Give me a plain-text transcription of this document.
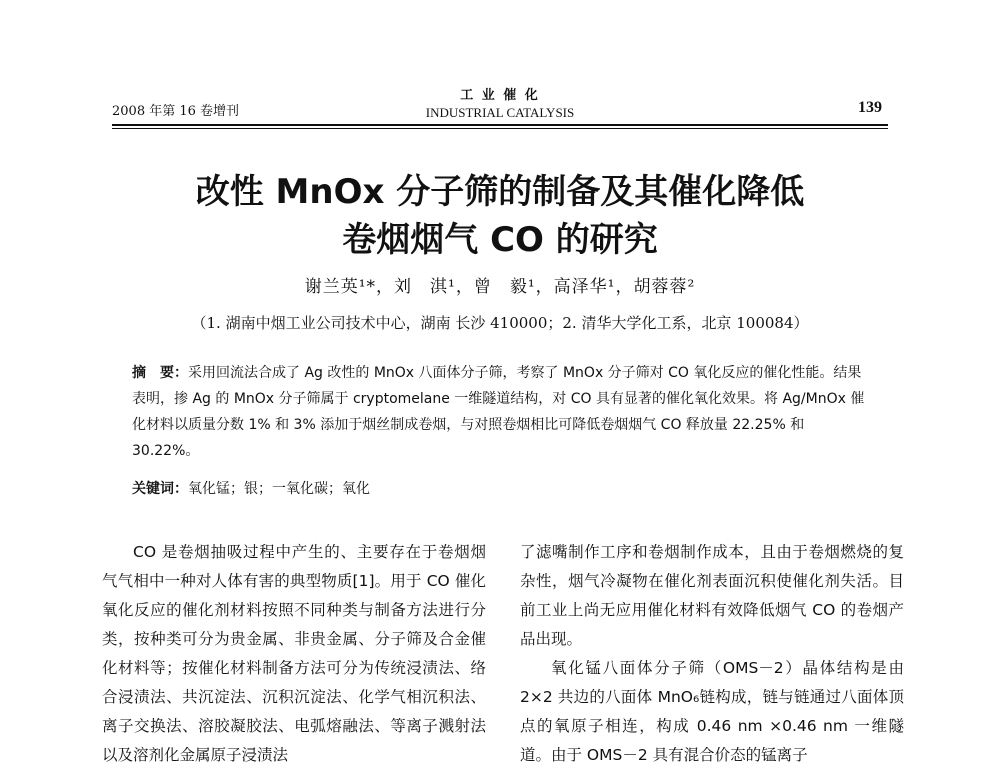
2008 年第 16 卷增刊
工 业 催 化
INDUSTRIAL CATALYSIS	139
改性 MnOx 分子筛的制备及其催化降低
卷烟烟气 CO 的研究
谢兰英¹*，刘　淇¹，曾　毅¹，高泽华¹，胡蓉蓉²
（1. 湖南中烟工业公司技术中心，湖南 长沙 410000；2. 清华大学化工系，北京 100084）
摘　要：采用回流法合成了 Ag 改性的 MnOx 八面体分子筛，考察了 MnOx 分子筛对 CO 氧化反应的催化性能。结果表明，掺 Ag 的 MnOx 分子筛属于 cryptomelane 一维隧道结构，对 CO 具有显著的催化氧化效果。将 Ag/MnOx 催化材料以质量分数 1% 和 3% 添加于烟丝制成卷烟，与对照卷烟相比可降低卷烟烟气 CO 释放量 22.25% 和 30.22%。
关键词：氧化锰；银；一氧化碳；氧化

CO 是卷烟抽吸过程中产生的、主要存在于卷烟烟气气相中一种对人体有害的典型物质[1]。用于 CO 催化氧化反应的催化剂材料按照不同种类与制备方法进行分类，按种类可分为贵金属、非贵金属、分子筛及合金催化材料等；按催化材料制备方法可分为传统浸渍法、络合浸渍法、共沉淀法、沉积沉淀法、化学气相沉积法、离子交换法、溶胶凝胶法、电弧熔融法、等离子溅射法以及溶剂化金属原子浸渍法

了滤嘴制作工序和卷烟制作成本，且由于卷烟燃烧的复杂性，烟气冷凝物在催化剂表面沉积使催化剂失活。目前工业上尚无应用催化材料有效降低烟气 CO 的卷烟产品出现。

氧化锰八面体分子筛（OMS－2）晶体结构是由 2×2 共边的八面体 MnO₆链构成，链与链通过八面体顶点的氧原子相连，构成 0.46 nm ×0.46 nm 一维隧道。由于 OMS－2 具有混合价态的锰离子
